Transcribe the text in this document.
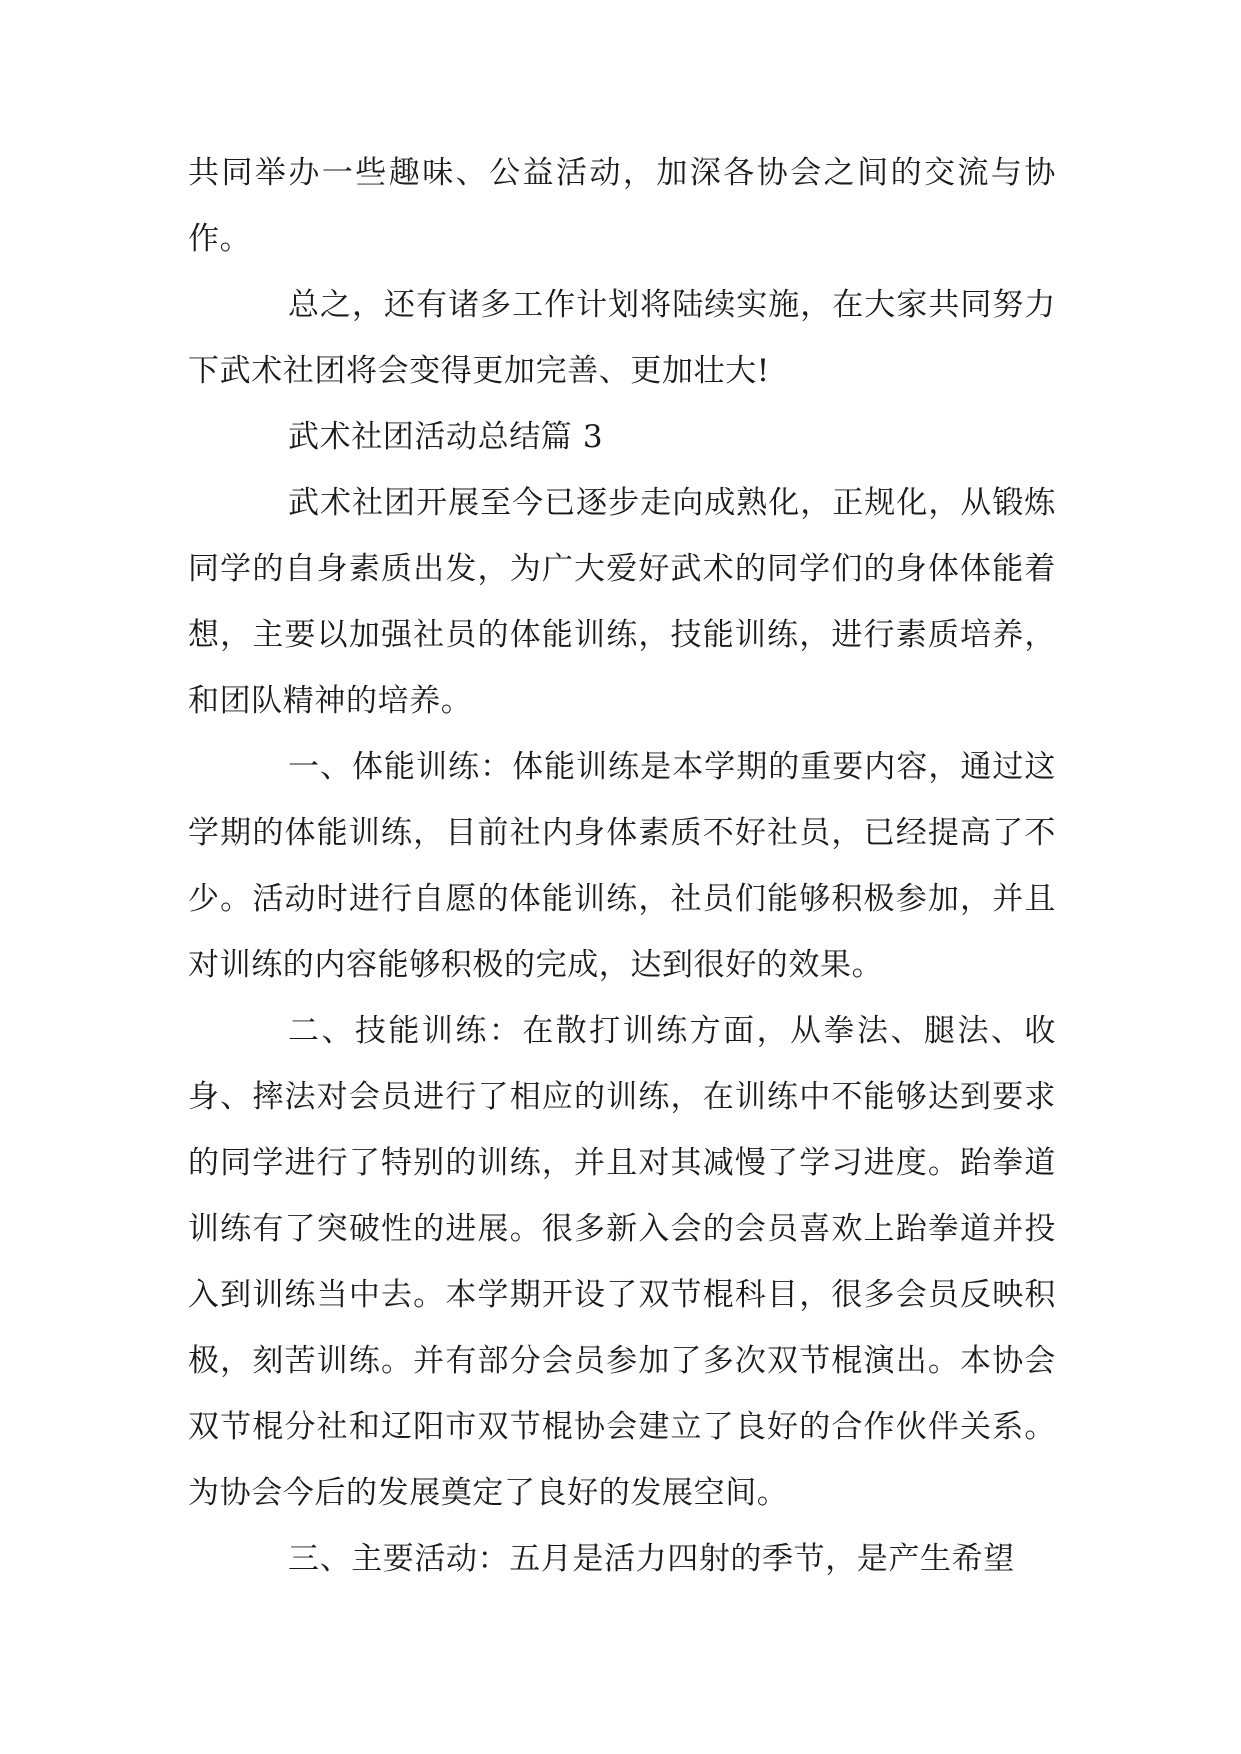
共同举办一些趣味、公益活动，加深各协会之间的交流与协作。

总之，还有诸多工作计划将陆续实施，在大家共同努力下武术社团将会变得更加完善、更加壮大!

武术社团活动总结篇 3

武术社团开展至今已逐步走向成熟化，正规化，从锻炼同学的自身素质出发，为广大爱好武术的同学们的身体体能着想，主要以加强社员的体能训练，技能训练，进行素质培养，和团队精神的培养。

一、体能训练：体能训练是本学期的重要内容，通过这学期的体能训练，目前社内身体素质不好社员，已经提高了不少。活动时进行自愿的体能训练，社员们能够积极参加，并且对训练的内容能够积极的完成，达到很好的效果。

二、技能训练：在散打训练方面，从拳法、腿法、收身、摔法对会员进行了相应的训练，在训练中不能够达到要求的同学进行了特别的训练，并且对其减慢了学习进度。跆拳道训练有了突破性的进展。很多新入会的会员喜欢上跆拳道并投入到训练当中去。本学期开设了双节棍科目，很多会员反映积极，刻苦训练。并有部分会员参加了多次双节棍演出。本协会双节棍分社和辽阳市双节棍协会建立了良好的合作伙伴关系。为协会今后的发展奠定了良好的发展空间。

三、主要活动：五月是活力四射的季节，是产生希望
